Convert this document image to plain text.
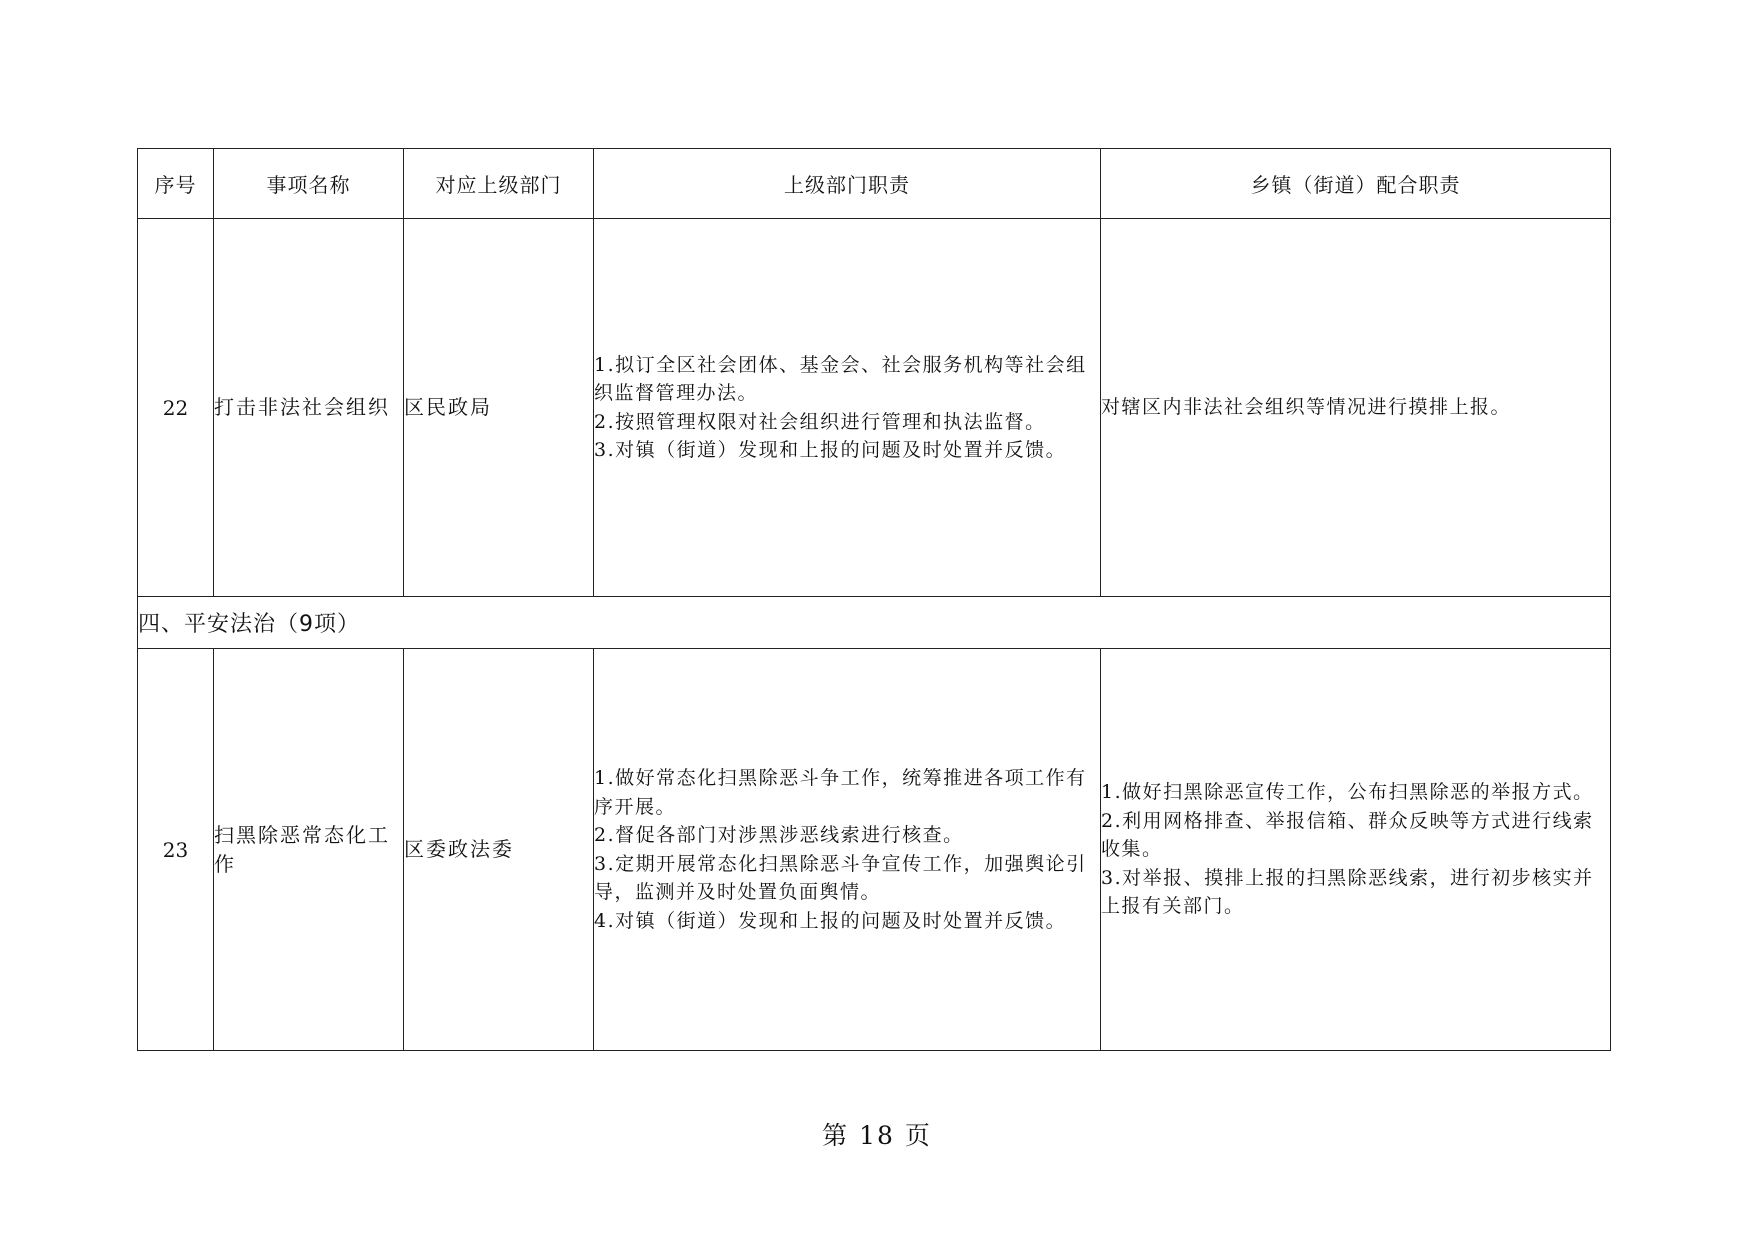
序号	事项名称	对应上级部门	上级部门职责	乡镇（街道）配合职责
22	打击非法社会组织	区民政局	1.拟订全区社会团体、基金会、社会服务机构等社会组织监督管理办法。
2.按照管理权限对社会组织进行管理和执法监督。
3.对镇（街道）发现和上报的问题及时处置并反馈。	对辖区内非法社会组织等情况进行摸排上报。

四、平安法治（9项）				
23	扫黑除恶常态化工作	区委政法委	1.做好常态化扫黑除恶斗争工作，统筹推进各项工作有序开展。
2.督促各部门对涉黑涉恶线索进行核查。
3.定期开展常态化扫黑除恶斗争宣传工作，加强舆论引导，监测并及时处置负面舆情。
4.对镇（街道）发现和上报的问题及时处置并反馈。	1.做好扫黑除恶宣传工作，公布扫黑除恶的举报方式。
2.利用网格排查、举报信箱、群众反映等方式进行线索收集。
3.对举报、摸排上报的扫黑除恶线索，进行初步核实并上报有关部门。
第 18 页
